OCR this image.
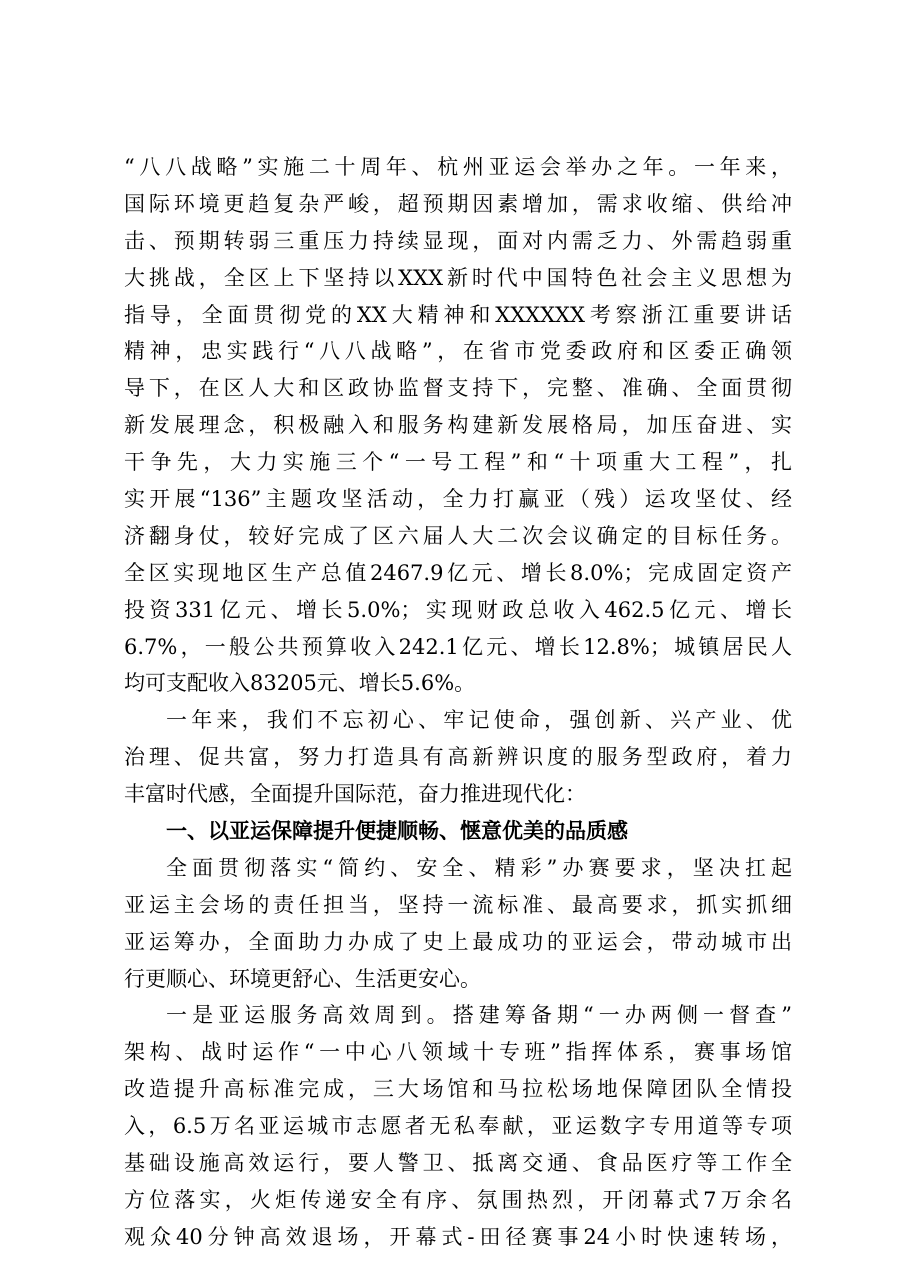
“八八战略”实施二十周年、杭州亚运会举办之年。一年来，
国际环境更趋复杂严峻，超预期因素增加，需求收缩、供给冲
击、预期转弱三重压力持续显现，面对内需乏力、外需趋弱重
大挑战，全区上下坚持以XXX新时代中国特色社会主义思想为
指导，全面贯彻党的XX大精神和XXXXXX考察浙江重要讲话
精神，忠实践行“八八战略”，在省市党委政府和区委正确领
导下，在区人大和区政协监督支持下，完整、准确、全面贯彻
新发展理念，积极融入和服务构建新发展格局，加压奋进、实
干争先，大力实施三个“一号工程”和“十项重大工程”，扎
实开展“136”主题攻坚活动，全力打赢亚（残）运攻坚仗、经
济翻身仗，较好完成了区六届人大二次会议确定的目标任务。
全区实现地区生产总值2467.9亿元、增长8.0%；完成固定资产
投资331亿元、增长5.0%；实现财政总收入462.5亿元、增长
6.7%，一般公共预算收入242.1亿元、增长12.8%；城镇居民人
均可支配收入83205元、增长5.6%。
一年来，我们不忘初心、牢记使命，强创新、兴产业、优
治理、促共富，努力打造具有高新辨识度的服务型政府，着力
丰富时代感，全面提升国际范，奋力推进现代化：
一、以亚运保障提升便捷顺畅、惬意优美的品质感
全面贯彻落实“简约、安全、精彩”办赛要求，坚决扛起
亚运主会场的责任担当，坚持一流标准、最高要求，抓实抓细
亚运筹办，全面助力办成了史上最成功的亚运会，带动城市出
行更顺心、环境更舒心、生活更安心。
一是亚运服务高效周到。搭建筹备期“一办两侧一督查”
架构、战时运作“一中心八领域十专班”指挥体系，赛事场馆
改造提升高标准完成，三大场馆和马拉松场地保障团队全情投
入，6.5万名亚运城市志愿者无私奉献，亚运数字专用道等专项
基础设施高效运行，要人警卫、抵离交通、食品医疗等工作全
方位落实，火炬传递安全有序、氛围热烈，开闭幕式7万余名
观众40分钟高效退场，开幕式-田径赛事24小时快速转场，
